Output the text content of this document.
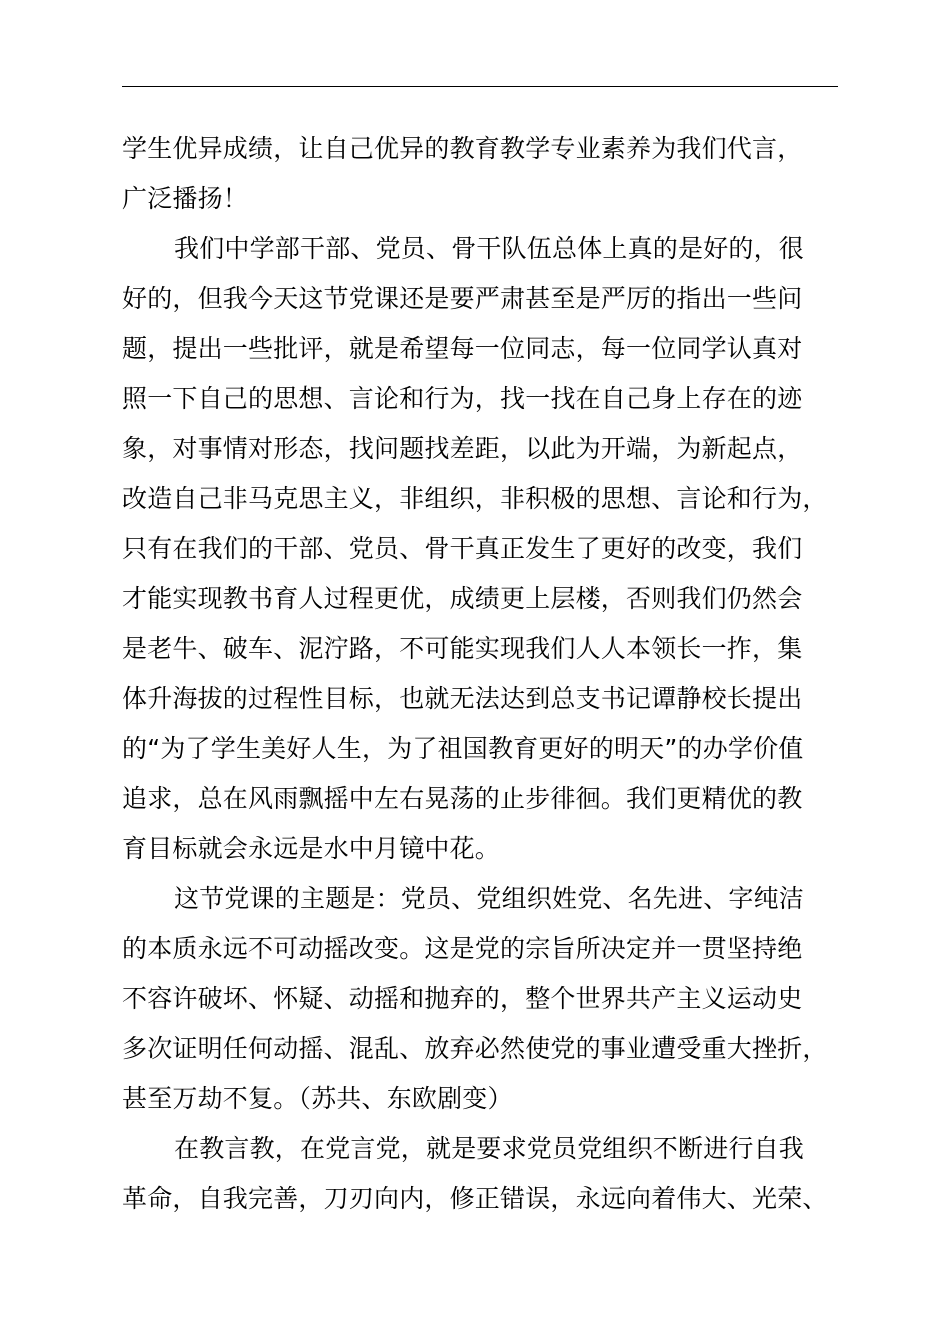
学生优异成绩，让自己优异的教育教学专业素养为我们代言，
广泛播扬！
我们中学部干部、党员、骨干队伍总体上真的是好的，很
好的，但我今天这节党课还是要严肃甚至是严厉的指出一些问
题，提出一些批评，就是希望每一位同志，每一位同学认真对
照一下自己的思想、言论和行为，找一找在自己身上存在的迹
象，对事情对形态，找问题找差距，以此为开端，为新起点，
改造自己非马克思主义，非组织，非积极的思想、言论和行为，
只有在我们的干部、党员、骨干真正发生了更好的改变，我们
才能实现教书育人过程更优，成绩更上层楼，否则我们仍然会
是老牛、破车、泥泞路，不可能实现我们人人本领长一拃，集
体升海拔的过程性目标，也就无法达到总支书记谭静校长提出
的“为了学生美好人生，为了祖国教育更好的明天”的办学价值
追求，总在风雨飘摇中左右晃荡的止步徘徊。我们更精优的教
育目标就会永远是水中月镜中花。
这节党课的主题是：党员、党组织姓党、名先进、字纯洁
的本质永远不可动摇改变。这是党的宗旨所决定并一贯坚持绝
不容许破坏、怀疑、动摇和抛弃的，整个世界共产主义运动史
多次证明任何动摇、混乱、放弃必然使党的事业遭受重大挫折，
甚至万劫不复。（苏共、东欧剧变）
在教言教，在党言党，就是要求党员党组织不断进行自我
革命，自我完善，刀刃向内，修正错误，永远向着伟大、光荣、
